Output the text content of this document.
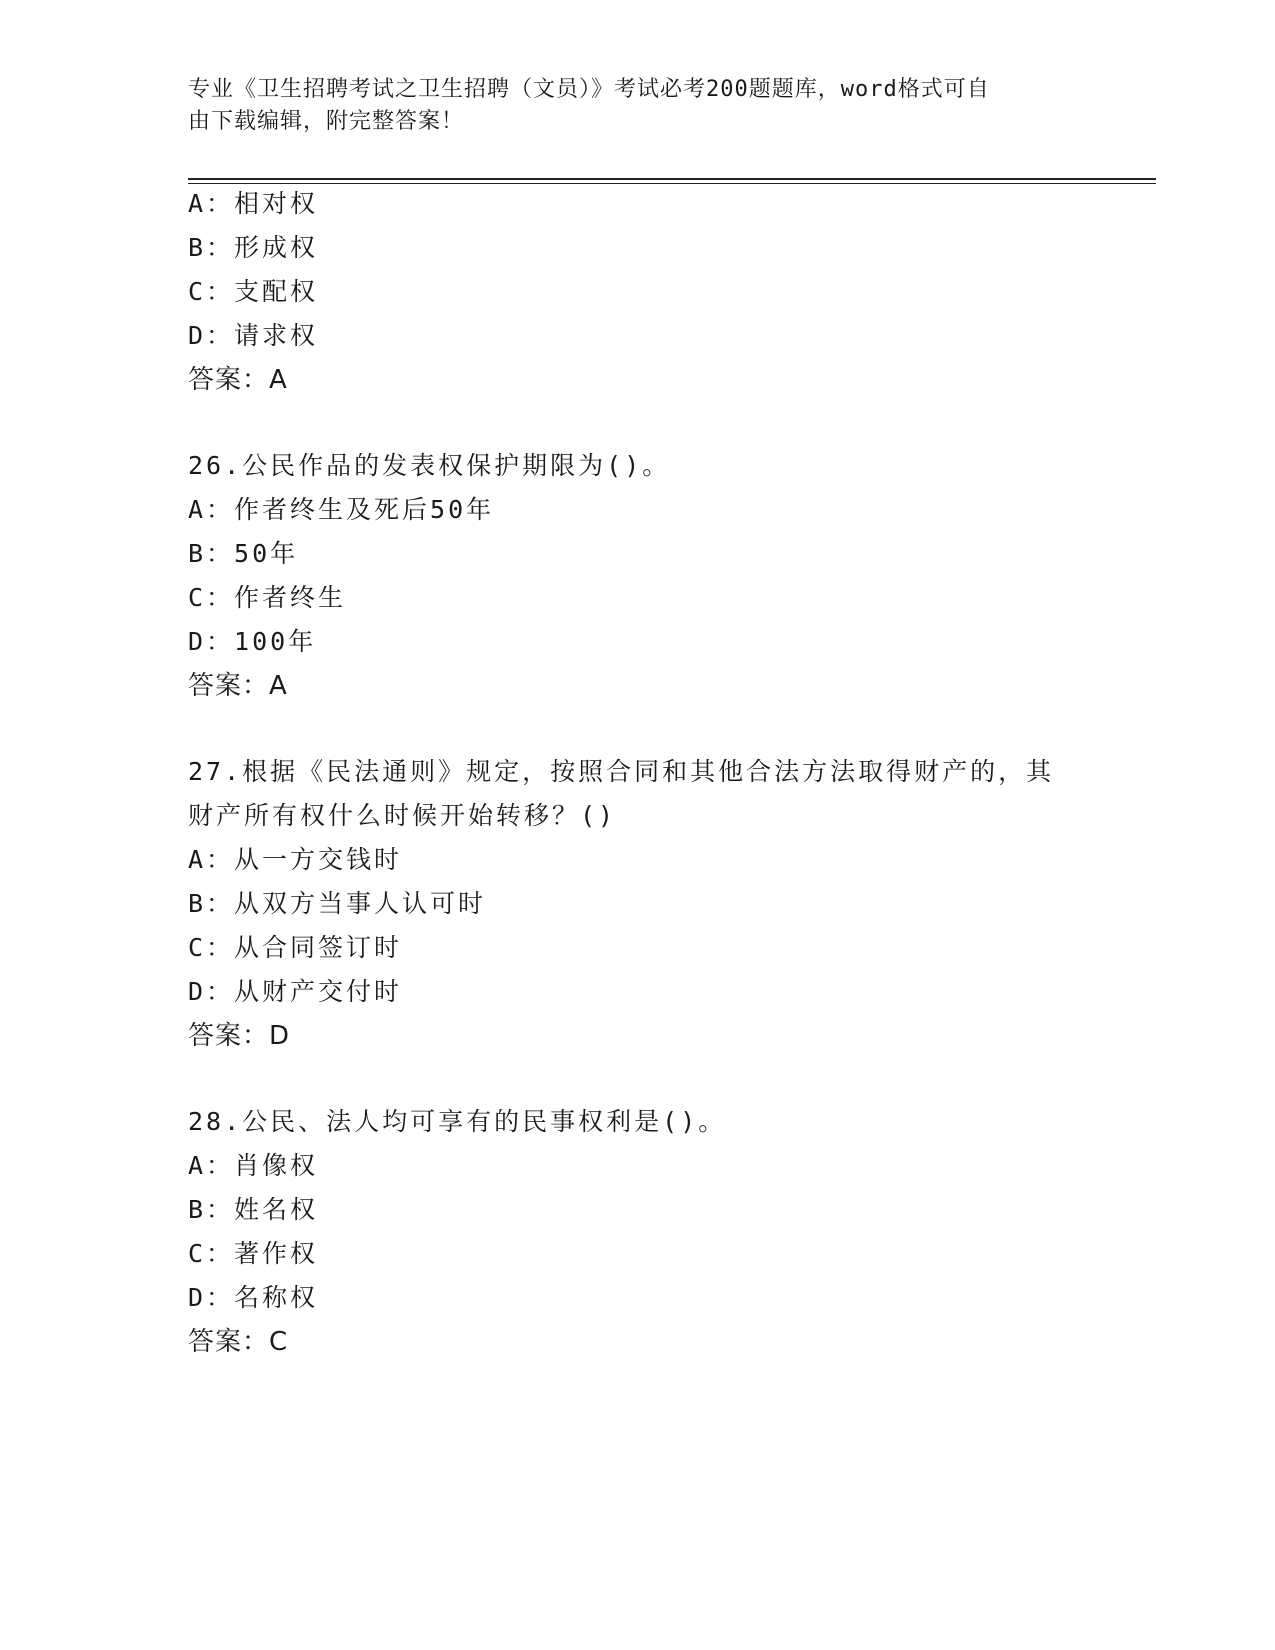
专业《卫生招聘考试之卫生招聘（文员）》考试必考200题题库，word格式可自
由下载编辑，附完整答案！
A：相对权
B：形成权
C：支配权
D：请求权
答案：A
26.公民作品的发表权保护期限为()。
A：作者终生及死后50年
B：50年
C：作者终生
D：100年
答案：A
27.根据《民法通则》规定，按照合同和其他合法方法取得财产的，其
财产所有权什么时候开始转移？()
A：从一方交钱时
B：从双方当事人认可时
C：从合同签订时
D：从财产交付时
答案：D
28.公民、法人均可享有的民事权利是()。
A：肖像权
B：姓名权
C：著作权
D：名称权
答案：C
